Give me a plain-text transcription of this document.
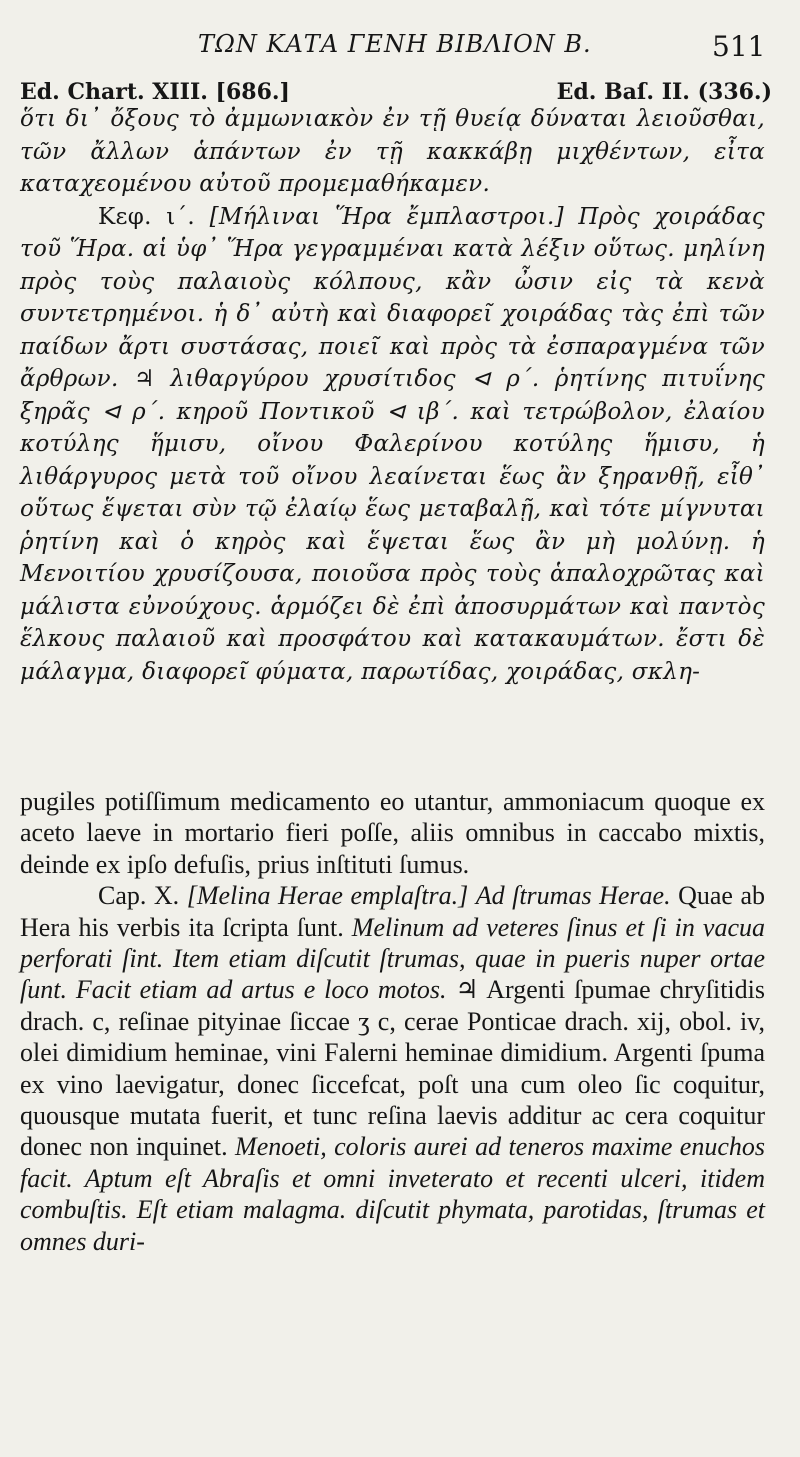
ΤΩΝ ΚΑΤΑ ΓΕΝΗ ΒΙΒΛΙΟΝ Β.	511
Ed. Chart. XIII. [686.]	Ed. Baſ. II. (336.)

ὅτι δι᾽ ὄξους τὸ ἀμμωνιακὸν ἐν τῇ θυείᾳ δύναται λειοῦσθαι, τῶν ἄλλων ἁπάντων ἐν τῇ κακκάβῃ μιχθέντων, εἶτα καταχεομένου αὐτοῦ προμεμαθήκαμεν.

Κεφ. ι΄. [Μήλιναι Ἥρα ἔμπλαστροι.] Πρὸς χοιράδας τοῦ Ἥρα. αἱ ὑφ᾽ Ἥρα γεγραμμέναι κατὰ λέξιν οὕτως. μηλίνη πρὸς τοὺς παλαιοὺς κόλπους, κἂν ὦσιν εἰς τὰ κενὰ συντετρημένοι. ἡ δ᾽ αὐτὴ καὶ διαφορεῖ χοιράδας τὰς ἐπὶ τῶν παίδων ἄρτι συστάσας, ποιεῖ καὶ πρὸς τὰ ἐσπαραγμένα τῶν ἄρθρων. ♃ λιθαργύρου χρυσίτιδος ⊲ ρ΄. ῥητίνης πιτυΐνης ξηρᾶς ⊲ ρ΄. κηροῦ Ποντικοῦ ⊲ ιβ΄. καὶ τετρώβολον, ἐλαίου κοτύλης ἥμισυ, οἴνου Φαλερίνου κοτύλης ἥμισυ, ἡ λιθάργυρος μετὰ τοῦ οἴνου λεαίνεται ἕως ἂν ξηρανθῇ, εἶθ᾽ οὕτως ἕψεται σὺν τῷ ἐλαίῳ ἕως μεταβαλῇ, καὶ τότε μίγνυται ῥητίνη καὶ ὁ κηρὸς καὶ ἕψεται ἕως ἂν μὴ μολύνῃ. ἡ Μενοιτίου χρυσίζουσα, ποιοῦσα πρὸς τοὺς ἁπαλοχρῶτας καὶ μάλιστα εὐνούχους. ἁρμόζει δὲ ἐπὶ ἀποσυρμάτων καὶ παντὸς ἕλκους παλαιοῦ καὶ προσφάτου καὶ κατακαυμάτων. ἔστι δὲ μάλαγμα, διαφορεῖ φύματα, παρωτίδας, χοιράδας, σκλη-

pugiles potiſſimum medicamento eo utantur, ammoniacum quoque ex aceto laeve in mortario fieri poſſe, aliis omnibus in caccabo mixtis, deinde ex ipſo defuſis, prius inſtituti ſumus.

Cap. X. [Melina Herae emplaſtra.] Ad ſtrumas Herae. Quae ab Hera his verbis ita ſcripta ſunt. Melinum ad veteres ſinus et ſi in vacua perforati ſint. Item etiam diſcutit ſtrumas, quae in pueris nuper ortae ſunt. Facit etiam ad artus e loco motos. ♃ Argenti ſpumae chryſitidis drach. c, reſinae pityinae ſiccae ʒ c, cerae Ponticae drach. xij, obol. iv, olei dimidium heminae, vini Falerni heminae dimidium. Argenti ſpuma ex vino laevigatur, donec ſiccefcat, poſt una cum oleo ſic coquitur, quousque mutata fuerit, et tunc reſina laevis additur ac cera coquitur donec non inquinet. Menoeti, coloris aurei ad teneros maxime enuchos facit. Aptum eſt Abraſis et omni inveterato et recenti ulceri, itidem combuſtis. Eſt etiam malagma. diſcutit phymata, parotidas, ſtrumas et omnes duri-
